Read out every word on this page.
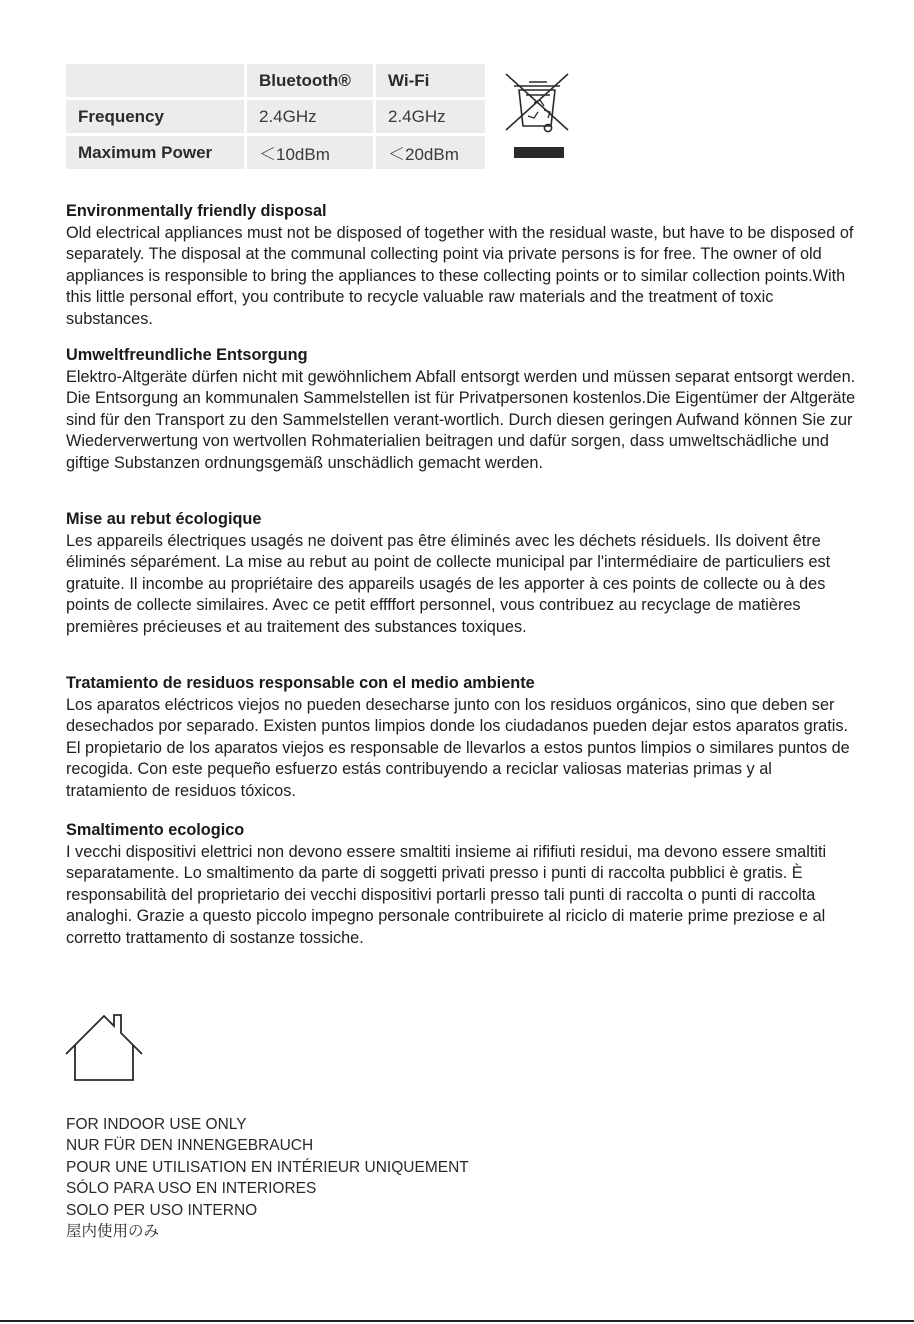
	Bluetooth®	Wi-Fi
Frequency	2.4GHz	2.4GHz
Maximum Power	＜10dBm	＜20dBm
Environmentally friendly disposal

Old electrical appliances must not be disposed of together with the residual waste, but have to be disposed of separately. The disposal at the communal collecting point via private persons is for free. The owner of old appliances is responsible to bring the appliances to these collecting points or to similar collection points.With this little personal effort, you contribute to recycle valuable raw materials and the treatment of toxic substances.

Umweltfreundliche Entsorgung

Elektro-Altgeräte dürfen nicht mit gewöhnlichem Abfall entsorgt werden und müssen separat entsorgt werden. Die Entsorgung an kommunalen Sammelstellen ist für Privatpersonen kostenlos.Die Eigentümer der Altgeräte sind für den Transport zu den Sammelstellen verant-wortlich. Durch diesen geringen Aufwand können Sie zur Wiederverwertung von wertvollen Rohmaterialien beitragen und dafür sorgen, dass umweltschädliche und giftige Substanzen ordnungsgemäß unschädlich gemacht werden.

Mise au rebut écologique

Les appareils électriques usagés ne doivent pas être éliminés avec les déchets résiduels. Ils doivent être éliminés séparément. La mise au rebut au point de collecte municipal par l'intermédiaire de particuliers est gratuite. Il incombe au propriétaire des appareils usagés de les apporter à ces points de collecte ou à des points de collecte similaires. Avec ce petit effffort personnel, vous contribuez au recyclage de matières premières précieuses et au traitement des substances toxiques.

Tratamiento de residuos responsable con el medio ambiente

Los aparatos eléctricos viejos no pueden desecharse junto con los residuos orgánicos, sino que deben ser desechados por separado. Existen puntos limpios donde los ciudadanos pueden dejar estos aparatos gratis. El propietario de los aparatos viejos es responsable de llevarlos a estos puntos limpios o similares puntos de recogida. Con este pequeño esfuerzo estás contribuyendo a reciclar valiosas materias primas y al tratamiento de residuos tóxicos.

Smaltimento ecologico

I vecchi dispositivi elettrici non devono essere smaltiti insieme ai rififiuti residui, ma devono essere smaltiti separatamente. Lo smaltimento da parte di soggetti privati presso i punti di raccolta pubblici è gratis. È responsabilità del proprietario dei vecchi dispositivi portarli presso tali punti di raccolta o punti di raccolta

analoghi. Grazie a questo piccolo impegno personale contribuirete al riciclo di materie prime preziose e al corretto trattamento di sostanze tossiche.

FOR INDOOR USE ONLY
NUR FÜR DEN INNENGEBRAUCH
POUR UNE UTILISATION EN INTÉRIEUR UNIQUEMENT
SÓLO PARA USO EN INTERIORES
SOLO PER USO INTERNO
屋内使用のみ
